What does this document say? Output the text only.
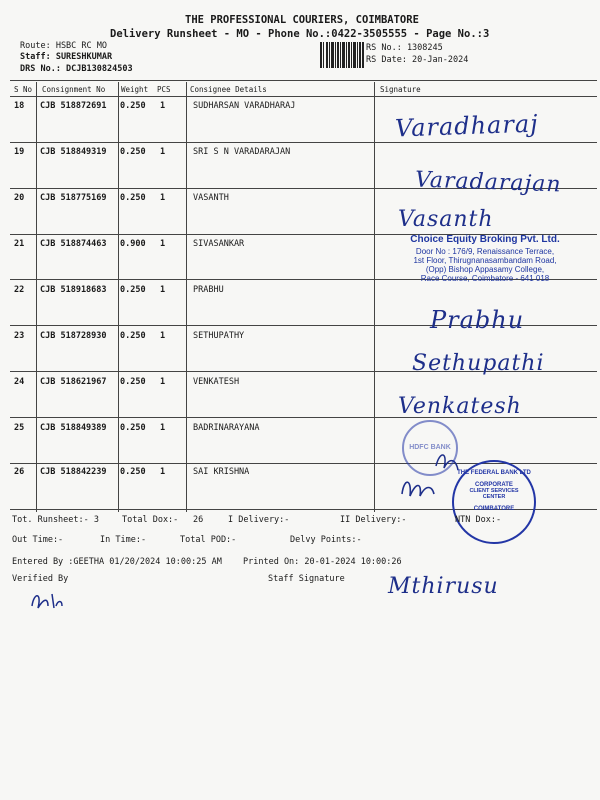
THE PROFESSIONAL COURIERS, COIMBATORE
Delivery Runsheet - MO - Phone No.:0422-3505555 - Page No.:3
Route: HSBC RC MO
Staff: SURESHKUMAR
DRS No.: DCJB130824503
RS No.: 1308245
RS Date: 20-Jan-2024
S No Consignment No Weight PCS	Consignee Details	Signature
18 CJB 518872691 0.250 1	SUDHARSAN VARADHARAJ
19 CJB 518849319 0.250 1	SRI S N VARADARAJAN
20 CJB 518775169 0.250 1	VASANTH
21 CJB 518874463 0.900 1	SIVASANKAR
22 CJB 518918683 0.250 1	PRABHU
23 CJB 518728930 0.250 1	SETHUPATHY
24 CJB 518621967 0.250 1	VENKATESH
25 CJB 518849389 0.250 1	BADRINARAYANA
26 CJB 518842239 0.250 1	SAI KRISHNA
Varadharaj
Varadarajan
Vasanth
Prabhu
Sethupathi
Venkatesh
Choice Equity Broking Pvt. Ltd.
Door No : 176/9, Renaissance Terrace,
1st Floor, Thirugnanasambandam Road,
(Opp) Bishop Appasamy College,
Race Course, Coimbatore - 641 018
HDFC BANK
THE FEDERAL BANK LTD
CORPORATE
CLIENT SERVICES
CENTER
COIMBATORE
Tot. Runsheet:- 3	Total Dox:- 26	I Delivery:-	II Delivery:-	NTN Dox:-
Out Time:-	In Time:-	Total POD:-	Delvy Points:-
Entered By :GEETHA 01/20/2024 10:00:25 AM Printed On: 20-01-2024 10:00:26
Verified By	Staff Signature Mthirusu
